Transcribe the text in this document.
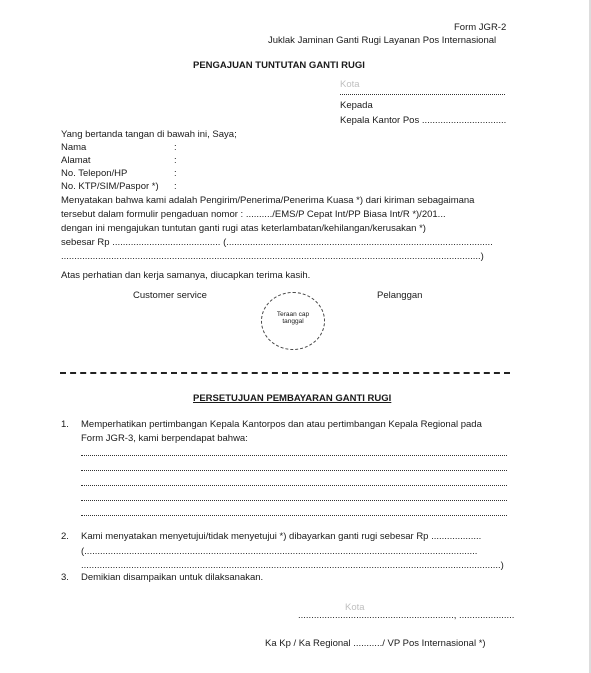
Form JGR-2
Juklak Jaminan Ganti Rugi Layanan Pos Internasional
PENGAJUAN TUNTUTAN GANTI RUGI
Kota
Kepada
Kepala Kantor Pos ................................
Yang bertanda tangan di bawah ini, Saya;
Nama
Alamat
No. Telepon/HP
No. KTP/SIM/Paspor *)
:
:
:
:
Menyatakan bahwa kami adalah Pengirim/Penerima/Penerima Kuasa *) dari kiriman sebagaimana
tersebut dalam formulir pengaduan nomor : ........../EMS/P Cepat Int/PP Biasa Int/R *)/201...
dengan ini mengajukan tuntutan ganti rugi atas keterlambatan/kehilangan/kerusakan *)
sebesar Rp ......................................... (.....................................................................................................
...............................................................................................................................................................)
Atas perhatian dan kerja samanya, diucapkan terima kasih.
Customer service	Pelanggan
Teraan cap
tanggal
PERSETUJUAN PEMBAYARAN GANTI RUGI
1. Memperhatikan pertimbangan Kepala Kantorpos dan atau pertimbangan Kepala Regional pada
Form JGR-3, kami berpendapat bahwa:
2. Kami menyatakan menyetujui/tidak menyetujui *) dibayarkan ganti rugi sebesar Rp ...................
(.....................................................................................................................................................
...............................................................................................................................................................)
3. Demikian disampaikan untuk dilaksanakan.
Kota
..........................................................., .....................
Ka Kp / Ka Regional .........../ VP Pos Internasional *)
